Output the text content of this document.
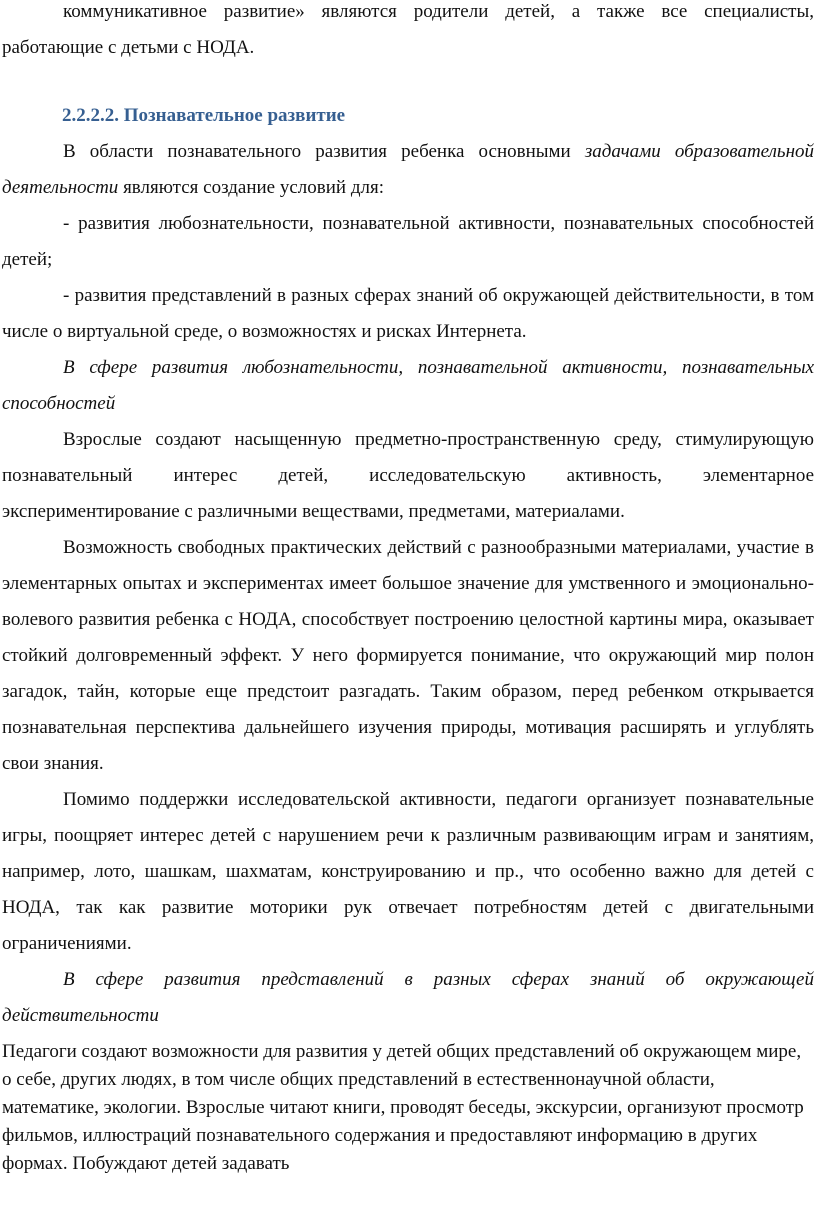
коммуникативное развитие» являются родители детей, а также все специалисты, работающие с детьми с НОДА.

2.2.2.2. Познавательное развитие

В области познавательного развития ребенка основными задачами образовательной деятельности являются создание условий для:

- развития любознательности, познавательной активности, познавательных способностей детей;

- развития представлений в разных сферах знаний об окружающей действительности, в том числе о виртуальной среде, о возможностях и рисках Интернета.

В сфере развития любознательности, познавательной активности, познавательных способностей

Взрослые создают насыщенную предметно-пространственную среду, стимулирующую познавательный интерес детей, исследовательскую активность, элементарное экспериментирование с различными веществами, предметами, материалами.

Возможность свободных практических действий с разнообразными материалами, участие в элементарных опытах и экспериментах имеет большое значение для умственного и эмоционально-волевого развития ребенка с НОДА, способствует построению целостной картины мира, оказывает стойкий долговременный эффект. У него формируется понимание, что окружающий мир полон загадок, тайн, которые еще предстоит разгадать. Таким образом, перед ребенком открывается познавательная перспектива дальнейшего изучения природы, мотивация расширять и углублять свои знания.

Помимо поддержки исследовательской активности, педагоги организует познавательные игры, поощряет интерес детей с нарушением речи к различным развивающим играм и занятиям, например, лото, шашкам, шахматам, конструированию и пр., что особенно важно для детей с НОДА, так как развитие моторики рук отвечает потребностям детей с двигательными ограничениями.

В сфере развития представлений в разных сферах знаний об окружающей действительности

Педагоги создают возможности для развития у детей общих представлений об окружающем мире, о себе, других людях, в том числе общих представлений в естественнонаучной области, математике, экологии. Взрослые читают книги, проводят беседы, экскурсии, организуют просмотр фильмов, иллюстраций познавательного содержания и предоставляют информацию в других формах. Побуждают детей задавать
